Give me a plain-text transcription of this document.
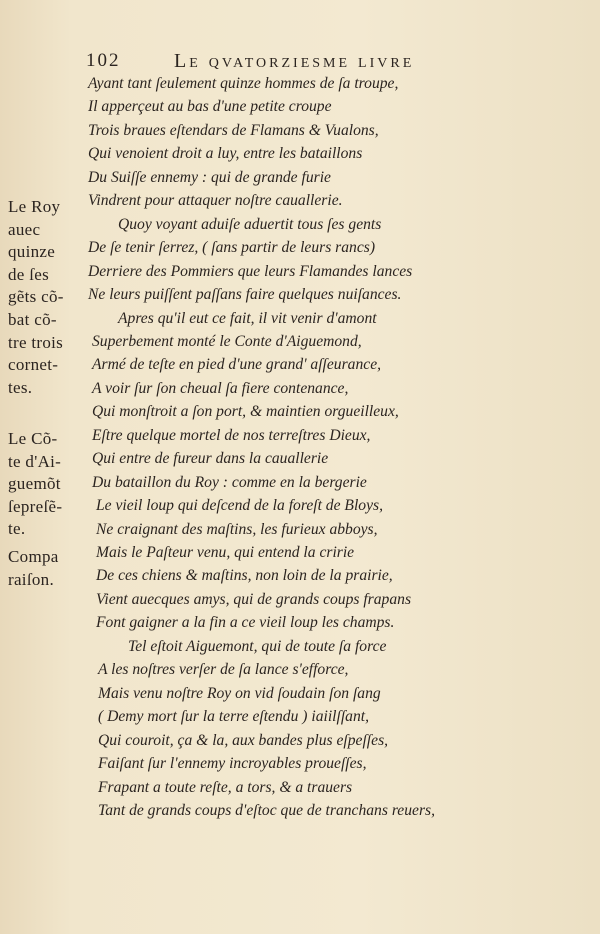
102	Le qvatorziesme livre
Ayant tant ſeulement quinze hommes de ſa troupe,
Il apperçeut au bas d'une petite croupe
Trois braues eſtendars de Flamans & Vualons,
Qui venoient droit a luy, entre les bataillons
Du Suiſſe ennemy : qui de grande furie
Vindrent pour attaquer noſtre cauallerie.
Quoy voyant aduiſe aduertit tous ſes gents
De ſe tenir ſerrez, ( ſans partir de leurs rancs)
Derriere des Pommiers que leurs Flamandes lances
Ne leurs puiſſent paſſans faire quelques nuiſances.
Apres qu'il eut ce fait, il vit venir d'amont
Superbement monté le Conte d'Aiguemond,
Armé de teſte en pied d'une grand' aſſeurance,
A voir ſur ſon cheual ſa fiere contenance,
Qui monſtroit a ſon port, & maintien orgueilleux,
Eſtre quelque mortel de nos terreſtres Dieux,
Qui entre de fureur dans la cauallerie
Du bataillon du Roy : comme en la bergerie
Le vieil loup qui deſcend de la foreſt de Bloys,
Ne craignant des maſtins, les furieux abboys,
Mais le Paſteur venu, qui entend la cririe
De ces chiens & maſtins, non loin de la prairie,
Vient auecques amys, qui de grands coups frapans
Font gaigner a la fin a ce vieil loup les champs.
Tel eſtoit Aiguemont, qui de toute ſa force
A les noſtres verſer de ſa lance s'efforce,
Mais venu noſtre Roy on vid ſoudain ſon ſang
( Demy mort ſur la terre eſtendu ) iaiilſſant,
Qui couroit, ça & la, aux bandes plus eſpeſſes,
Faiſant ſur l'ennemy incroyables proueſſes,
Frapant a toute reſte, a tors, & a trauers
Tant de grands coups d'eſtoc que de tranchans reuers,
Le Roy
auec
quinze
de ſes
gẽts cõ-
bat cõ-
tre trois
cornet-
tes.
Le Cõ-
te d'Ai-
guemõt
ſepreſẽ-
te.
Compa
raiſon.
